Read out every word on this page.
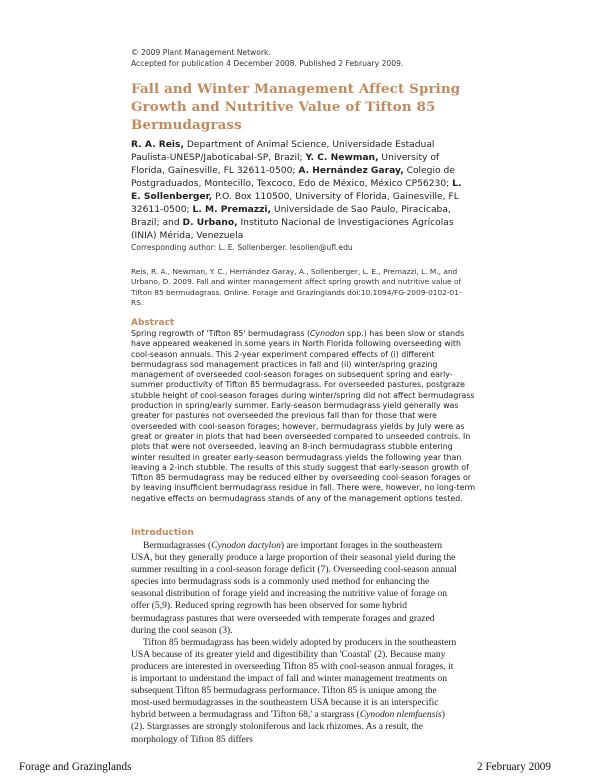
© 2009 Plant Management Network.
Accepted for publication 4 December 2008. Published 2 February 2009.
Fall and Winter Management Affect Spring Growth and Nutritive Value of Tifton 85 Bermudagrass

R. A. Reis, Department of Animal Science, Universidade Estadual Paulista-UNESP/Jaboticabal-SP, Brazil; Y. C. Newman, University of Florida, Gainesville, FL 32611-0500; A. Hernández Garay, Colegio de Postgraduados, Montecillo, Texcoco, Edo de México, México CP56230; L. E. Sollenberger, P.O. Box 110500, University of Florida, Gainesville, FL 32611-0500; L. M. Premazzi, Universidade de Sao Paulo, Piracicaba, Brazil; and D. Urbano, Instituto Nacional de Investigaciones Agrícolas (INIA) Mérida, Venezuela

Corresponding author: L. E. Sollenberger. lesollen@ufl.edu

Reis, R. A., Newman, Y. C., Hernández Garay, A., Sollenberger, L. E., Premazzi, L. M., and Urbano, D. 2009. Fall and winter management affect spring growth and nutritive value of Tifton 85 bermudagrass. Online. Forage and Grazinglands doi:10.1094/FG-2009-0102-01-RS.

Abstract

Spring regrowth of 'Tifton 85' bermudagrass (Cynodon spp.) has been slow or stands have appeared weakened in some years in North Florida following overseeding with cool-season annuals. This 2-year experiment compared effects of (i) different bermudagrass sod management practices in fall and (ii) winter/spring grazing management of overseeded cool-season forages on subsequent spring and early-summer productivity of Tifton 85 bermudagrass. For overseeded pastures, postgraze stubble height of cool-season forages during winter/spring did not affect bermudagrass production in spring/early summer. Early-season bermudagrass yield generally was greater for pastures not overseeded the previous fall than for those that were overseeded with cool-season forages; however, bermudagrass yields by July were as great or greater in plots that had been overseeded compared to unseeded controls. In plots that were not overseeded, leaving an 8-inch bermudagrass stubble entering winter resulted in greater early-season bermudagrass yields the following year than leaving a 2-inch stubble. The results of this study suggest that early-season growth of Tifton 85 bermudagrass may be reduced either by overseeding cool-season forages or by leaving insufficient bermudagrass residue in fall. There were, however, no long-term negative effects on bermudagrass stands of any of the management options tested.

Introduction

Bermudagrasses (Cynodon dactylon) are important forages in the southeastern USA, but they generally produce a large proportion of their seasonal yield during the summer resulting in a cool-season forage deficit (7). Overseeding cool-season annual species into bermudagrass sods is a commonly used method for enhancing the seasonal distribution of forage yield and increasing the nutritive value of forage on offer (5,9). Reduced spring regrowth has been observed for some hybrid bermudagrass pastures that were overseeded with temperate forages and grazed during the cool season (3).

Tifton 85 bermudagrass has been widely adopted by producers in the southeastern USA because of its greater yield and digestibility than 'Coastal' (2). Because many producers are interested in overseeding Tifton 85 with cool-season annual forages, it is important to understand the impact of fall and winter management treatments on subsequent Tifton 85 bermudagrass performance. Tifton 85 is unique among the most-used bermudagrasses in the southeastern USA because it is an interspecific hybrid between a bermudagrass and 'Tifton 68,' a stargrass (Cynodon nlemfuensis) (2). Stargrasses are strongly stoloniferous and lack rhizomes. As a result, the morphology of Tifton 85 differs

Forage and Grazinglands	2 February 2009
